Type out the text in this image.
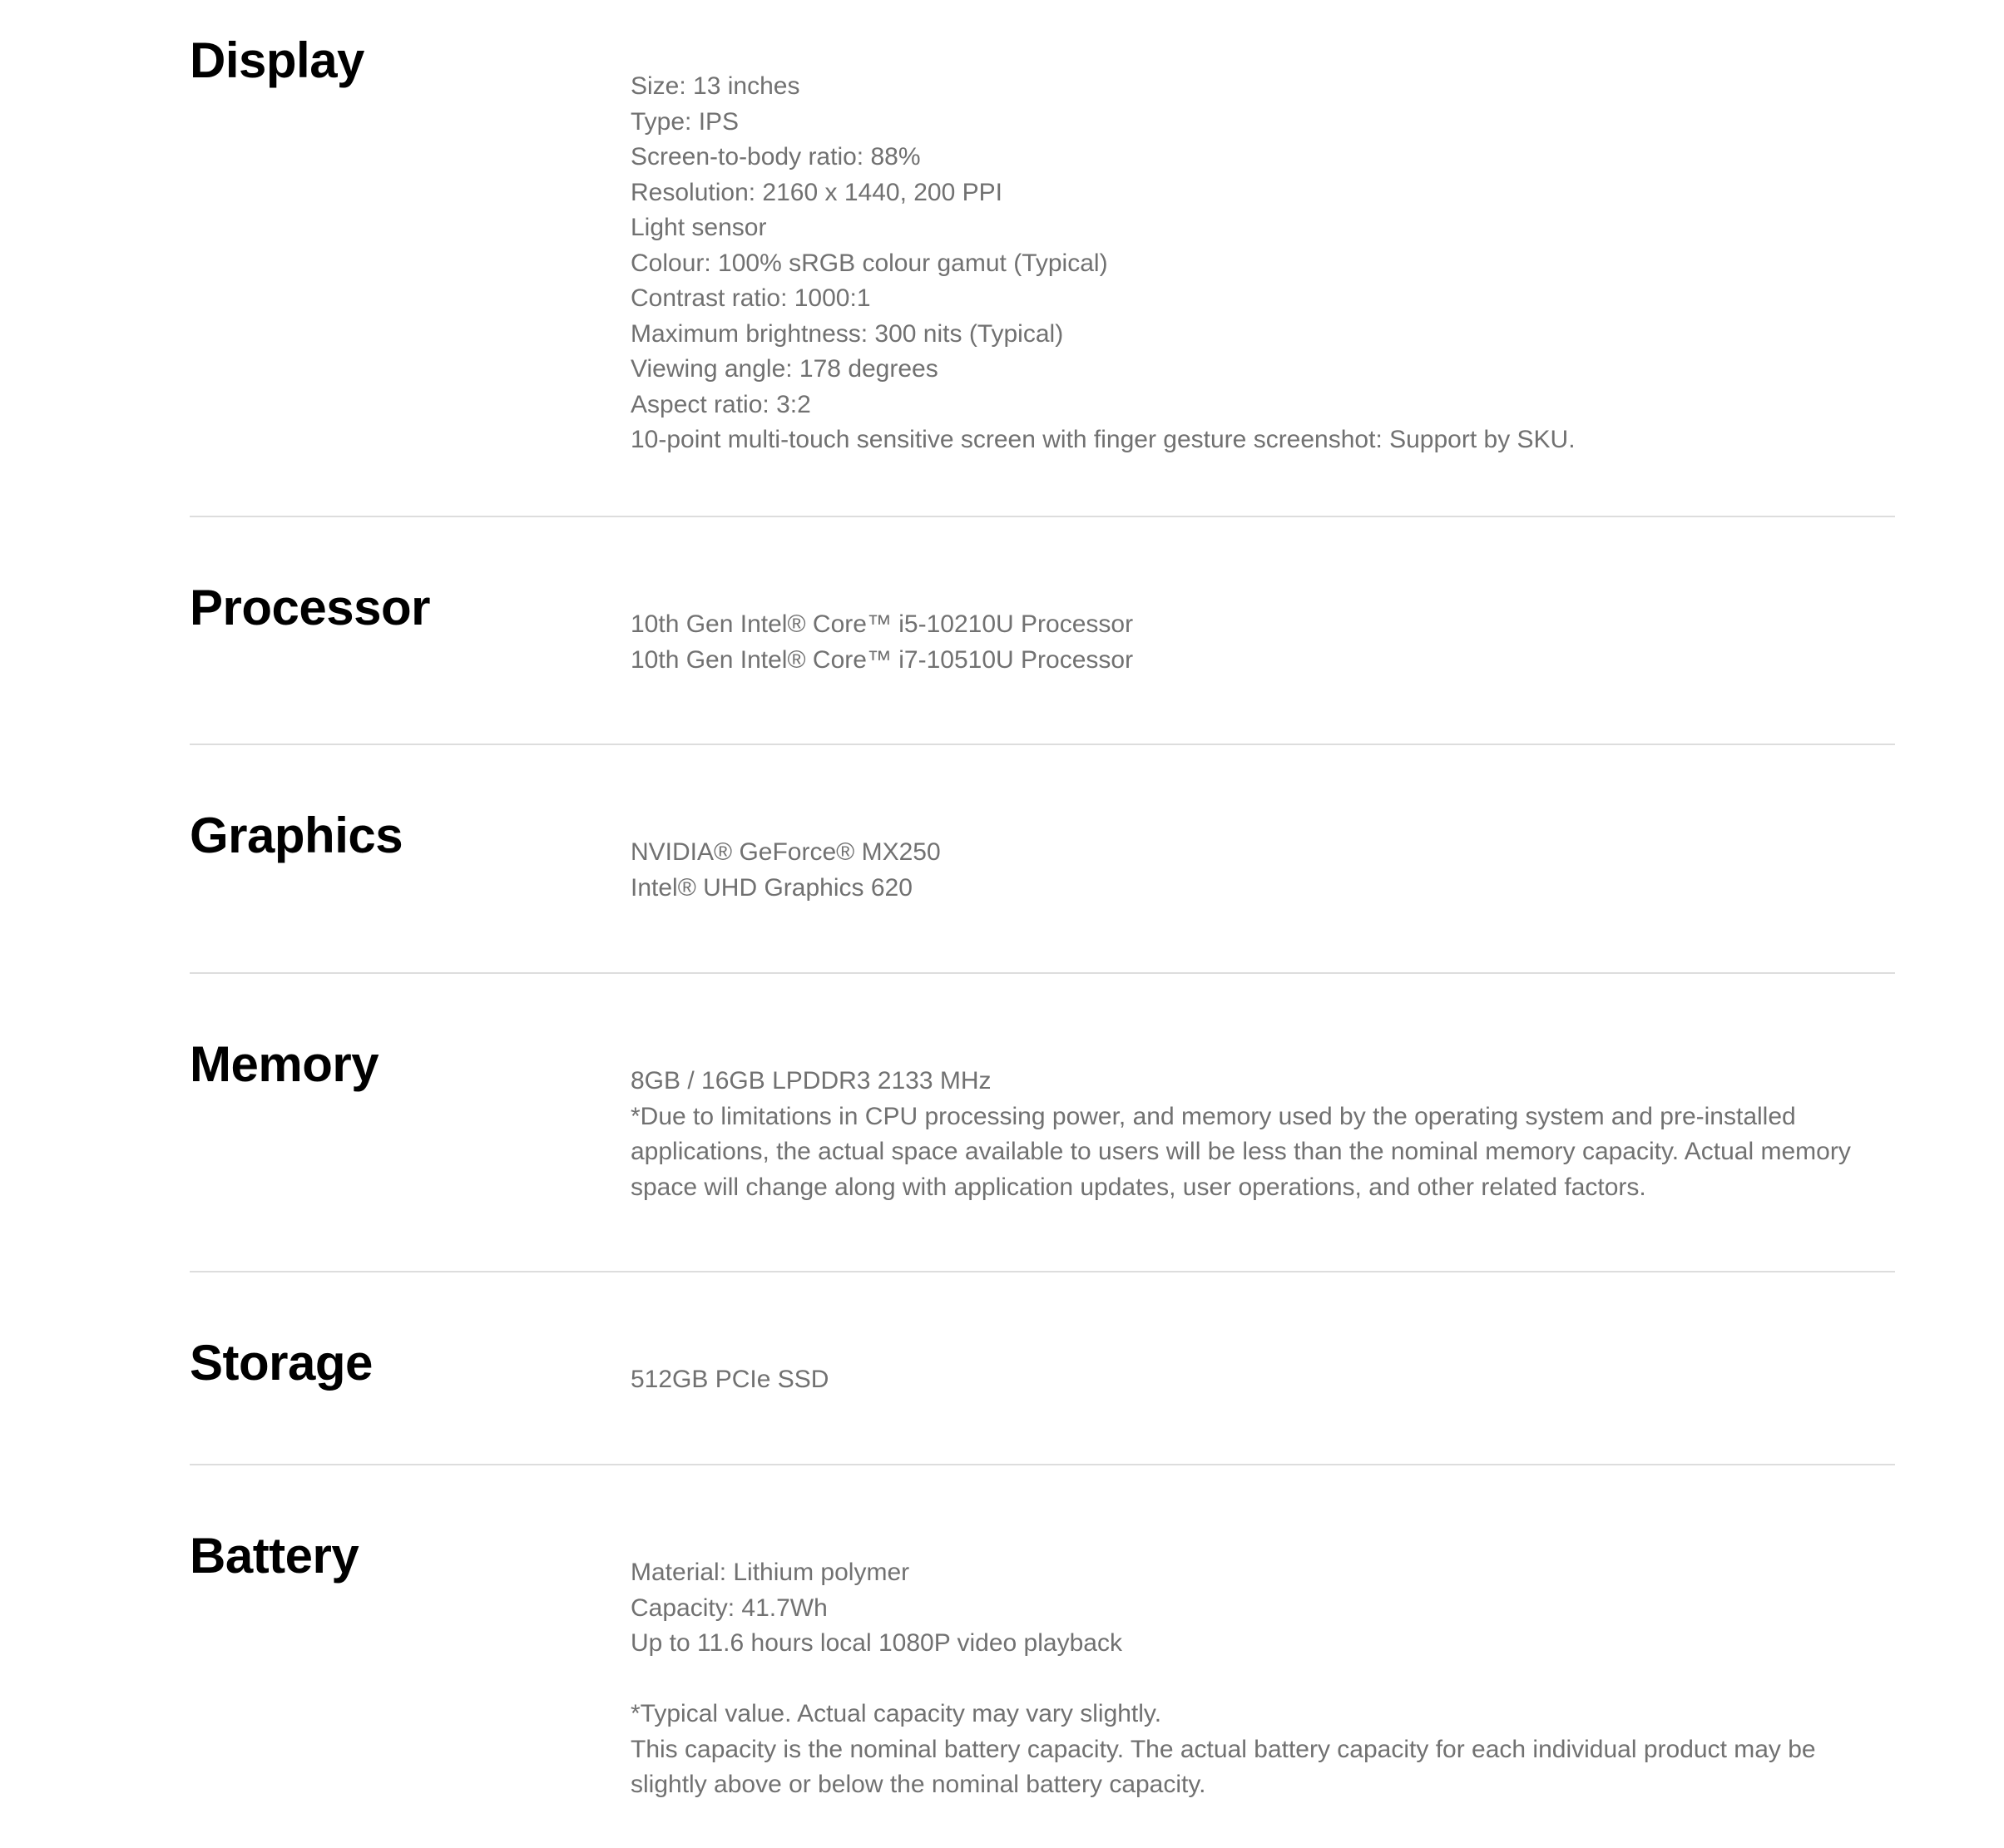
Display	Size: 13 inches
Type: IPS
Screen-to-body ratio: 88%
Resolution: 2160 x 1440, 200 PPI
Light sensor
Colour: 100% sRGB colour gamut (Typical)
Contrast ratio: 1000:1
Maximum brightness: 300 nits (Typical)
Viewing angle: 178 degrees
Aspect ratio: 3:2
10-point multi-touch sensitive screen with finger gesture screenshot: Support by SKU.
Processor	10th Gen Intel® Core™ i5-10210U Processor
10th Gen Intel® Core™ i7-10510U Processor
Graphics	NVIDIA® GeForce® MX250
Intel® UHD Graphics 620
Memory	8GB / 16GB LPDDR3 2133 MHz
*Due to limitations in CPU processing power, and memory used by the operating system and pre-installed applications, the actual space available to users will be less than the nominal memory capacity. Actual memory space will change along with application updates, user operations, and other related factors.
Storage	512GB PCIe SSD
Battery	Material: Lithium polymer
Capacity: 41.7Wh
Up to 11.6 hours local 1080P video playback
*Typical value. Actual capacity may vary slightly.
This capacity is the nominal battery capacity. The actual battery capacity for each individual product may be slightly above or below the nominal battery capacity.
